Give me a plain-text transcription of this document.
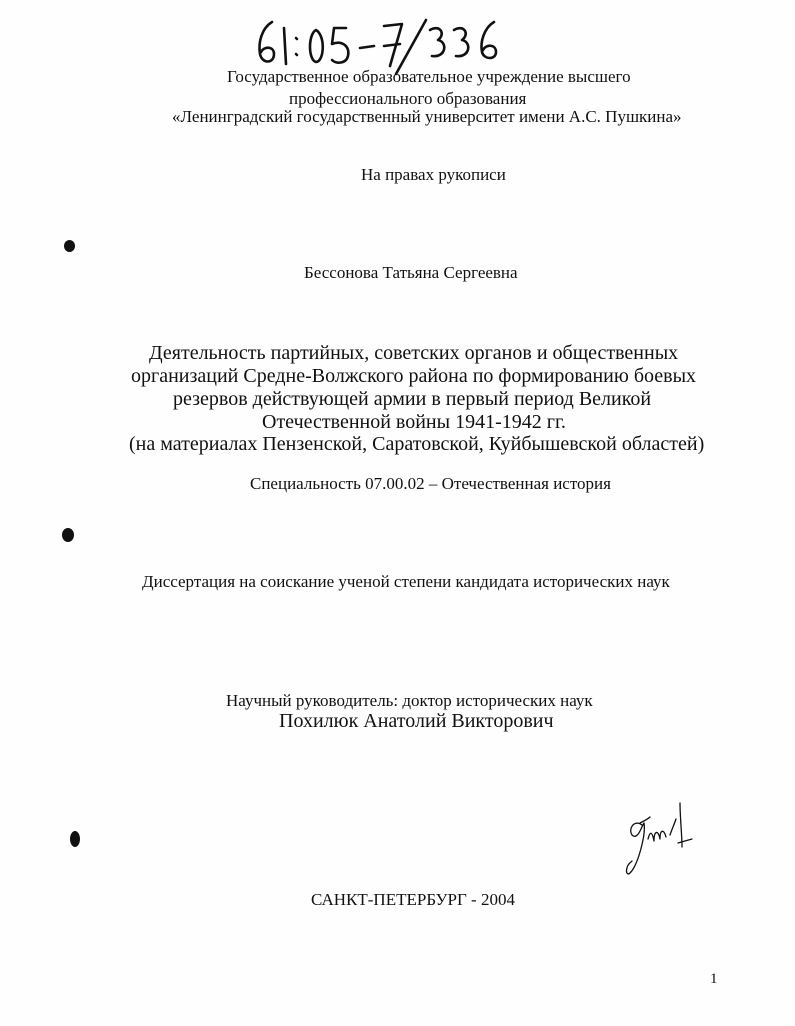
Государственное образовательное учреждение высшего
профессионального образования
«Ленинградский государственный университет имени А.С. Пушкина»
На правах рукописи
Бессонова Татьяна Сергеевна
Деятельность партийных, советских органов и общественных
организаций Средне-Волжского района по формированию боевых
резервов действующей армии в первый период Великой
Отечественной войны 1941-1942 гг.
(на материалах Пензенской, Саратовской, Куйбышевской областей)
Специальность 07.00.02 – Отечественная история
Диссертация на соискание ученой степени кандидата исторических наук
Научный руководитель: доктор исторических наук
Похилюк Анатолий Викторович
САНКТ-ПЕТЕРБУРГ - 2004
1
